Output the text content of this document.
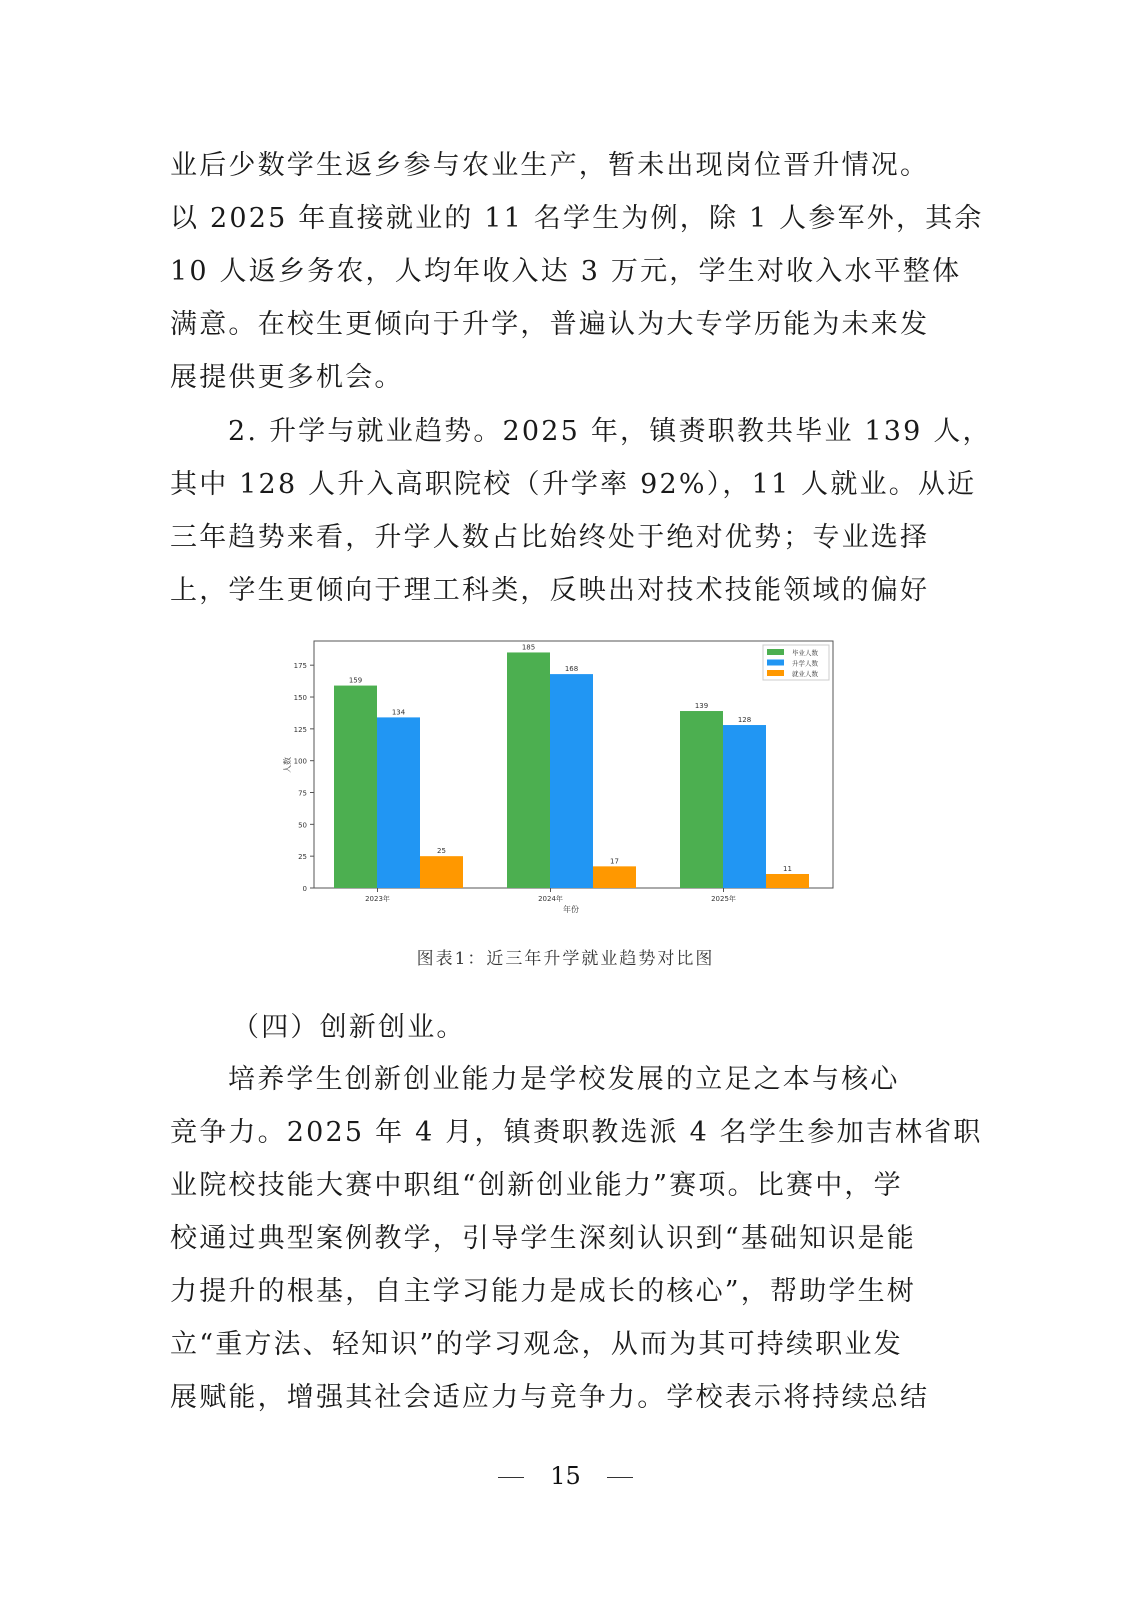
业后少数学生返乡参与农业生产，暂未出现岗位晋升情况。
以 2025 年直接就业的 11 名学生为例，除 1 人参军外，其余
10 人返乡务农，人均年收入达 3 万元，学生对收入水平整体
满意。在校生更倾向于升学，普遍认为大专学历能为未来发
展提供更多机会。
2. 升学与就业趋势。2025 年，镇赉职教共毕业 139 人，
其中 128 人升入高职院校（升学率 92%），11 人就业。从近
三年趋势来看，升学人数占比始终处于绝对优势；专业选择
上，学生更倾向于理工科类，反映出对技术技能领域的偏好
0
25
50
75
100
125
150
175
人数
159
134
25
2023年
185
168
17
2024年
139
128
11
2025年
年份
毕业人数
升学人数
就业人数
图表1：近三年升学就业趋势对比图
（四）创新创业。
培养学生创新创业能力是学校发展的立足之本与核心
竞争力。2025 年 4 月，镇赉职教选派 4 名学生参加吉林省职
业院校技能大赛中职组“创新创业能力”赛项。比赛中，学
校通过典型案例教学，引导学生深刻认识到“基础知识是能
力提升的根基，自主学习能力是成长的核心”，帮助学生树
立“重方法、轻知识”的学习观念，从而为其可持续职业发
展赋能，增强其社会适应力与竞争力。学校表示将持续总结
15
